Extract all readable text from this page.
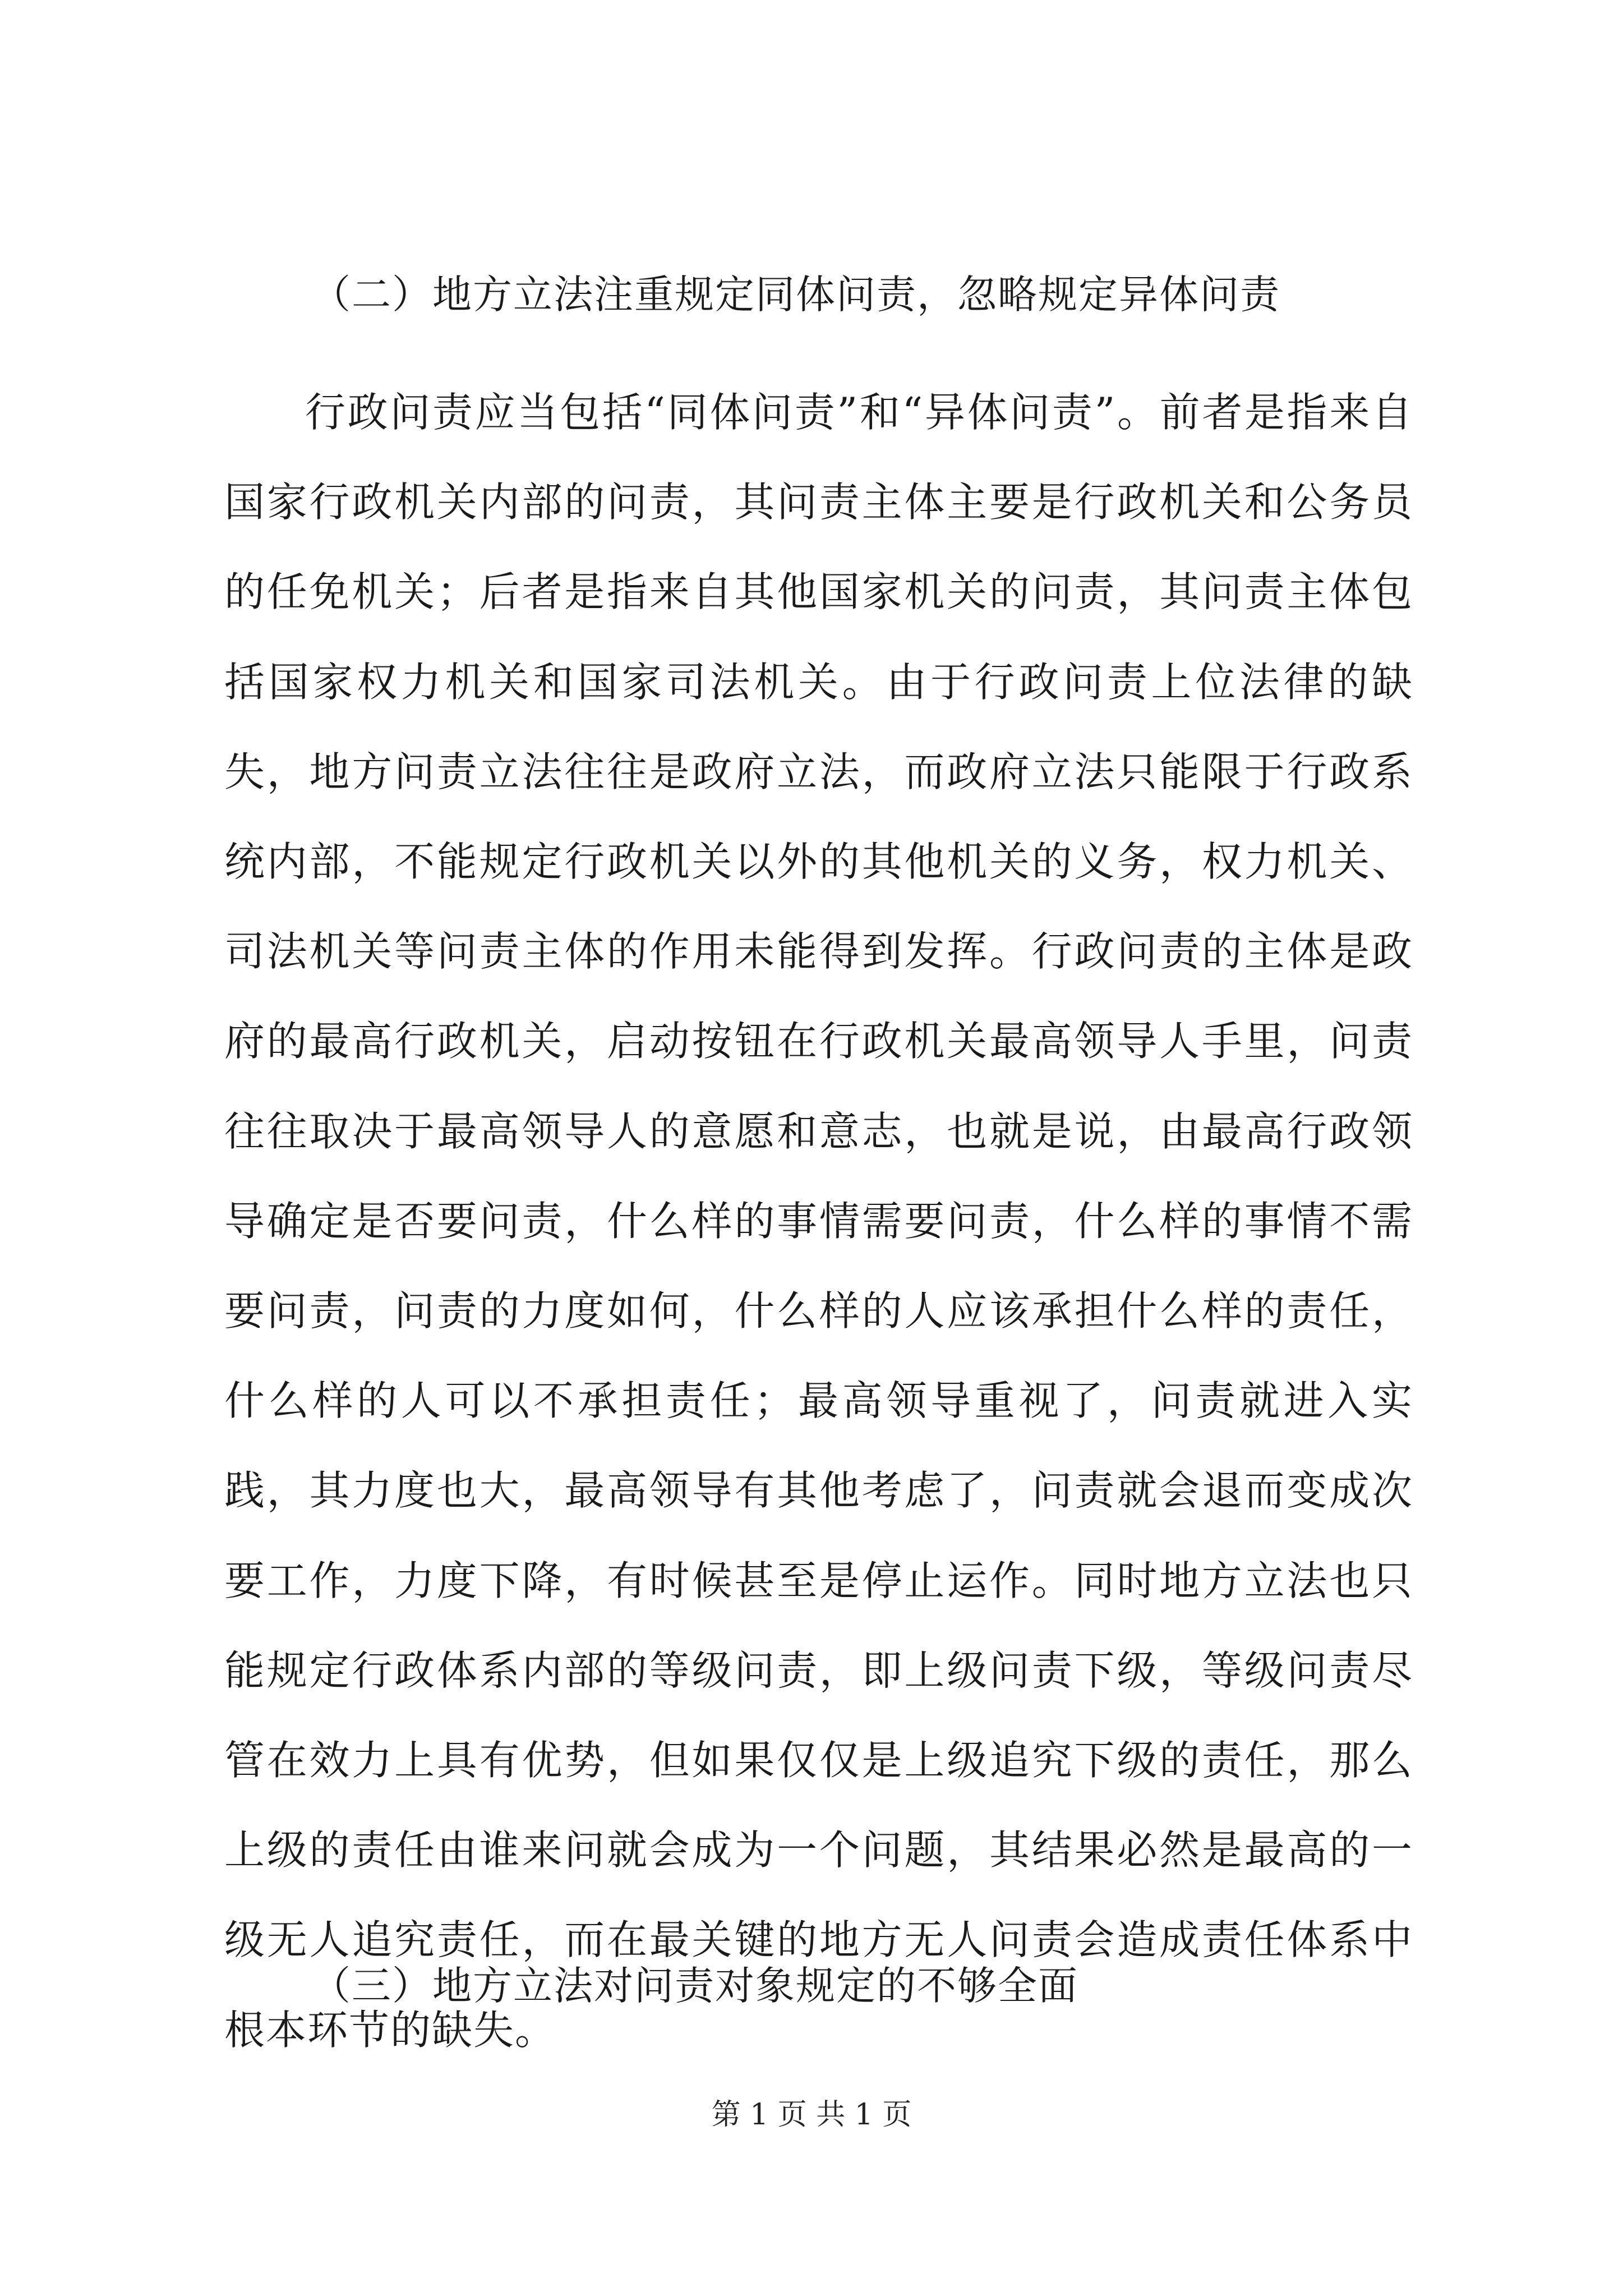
（二）地方立法注重规定同体问责，忽略规定异体问责

行政问责应当包括“同体问责”和“异体问责”。前者是指来自国家行政机关内部的问责，其问责主体主要是行政机关和公务员的任免机关；后者是指来自其他国家机关的问责，其问责主体包括国家权力机关和国家司法机关。由于行政问责上位法律的缺失，地方问责立法往往是政府立法，而政府立法只能限于行政系统内部，不能规定行政机关以外的其他机关的义务，权力机关、司法机关等问责主体的作用未能得到发挥。行政问责的主体是政府的最高行政机关，启动按钮在行政机关最高领导人手里，问责往往取决于最高领导人的意愿和意志，也就是说，由最高行政领导确定是否要问责，什么样的事情需要问责，什么样的事情不需要问责，问责的力度如何，什么样的人应该承担什么样的责任，什么样的人可以不承担责任；最高领导重视了，问责就进入实践，其力度也大，最高领导有其他考虑了，问责就会退而变成次要工作，力度下降，有时候甚至是停止运作。同时地方立法也只能规定行政体系内部的等级问责，即上级问责下级，等级问责尽管在效力上具有优势，但如果仅仅是上级追究下级的责任，那么上级的责任由谁来问就会成为一个问题，其结果必然是最高的一级无人追究责任，而在最关键的地方无人问责会造成责任体系中根本环节的缺失。

（三）地方立法对问责对象规定的不够全面
第 1 页 共 1 页
